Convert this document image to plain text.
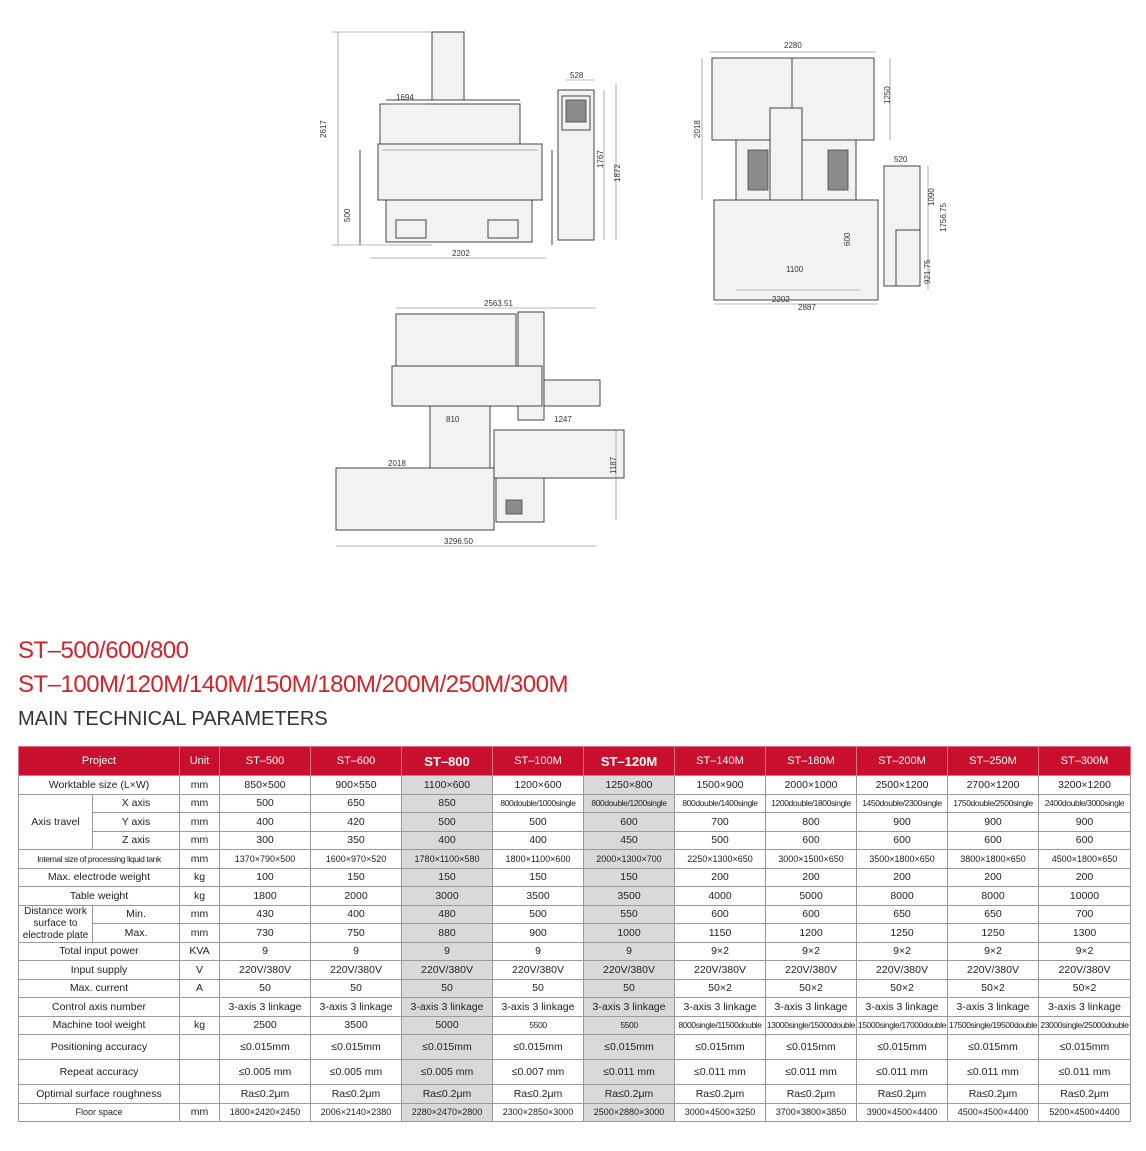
2617
1694
500
2202
528
1767
1872
2280
2018
1250
520
1100
600
2202
2887
1090
1756.75
921.75
2563.51
810	1247
2018	1187
3296.50
ST–500/600/800
ST–100M/120M/140M/150M/180M/200M/250M/300M
MAIN TECHNICAL PARAMETERS
Project		Unit	ST–500	ST–600	ST–800	ST–100M	ST–120M	ST–140M	ST–180M	ST–200M	ST–250M	ST–300M
Worktable size (L×W)		mm	850×500	900×550	1100×600	1200×600	1250×800	1500×900	2000×1000	2500×1200	2700×1200	3200×1200
Axis travel	X axis	mm	500	650	850	800double/1000single	800double/1200single	800double/1400single	1200double/1800single	1450double/2300single	1750double/2500single	2400double/3000single
	Y axis	mm	400	420	500	500	600	700	800	900	900	900
	Z axis	mm	300	350	400	400	450	500	600	600	600	600
Internal size of processing liquid tank		mm	1370×790×500	1600×970×520	1780×1100×580	1800×1100×600	2000×1300×700	2250×1300×650	3000×1500×650	3500×1800×650	3800×1800×650	4500×1800×650
Max. electrode weight		kg	100	150	150	150	150	200	200	200	200	200
Table weight		kg	1800	2000	3000	3500	3500	4000	5000	8000	8000	10000
Distance work surface to electrode plate	Min.	mm	430	400	480	500	550	600	600	650	650	700
	Max.	mm	730	750	880	900	1000	1150	1200	1250	1250	1300
Total input power		KVA	9	9	9	9	9	9×2	9×2	9×2	9×2	9×2
Input supply		V	220V/380V	220V/380V	220V/380V	220V/380V	220V/380V	220V/380V	220V/380V	220V/380V	220V/380V	220V/380V
Max. current		A	50	50	50	50	50	50×2	50×2	50×2	50×2	50×2
Control axis number			3-axis 3 linkage	3-axis 3 linkage	3-axis 3 linkage	3-axis 3 linkage	3-axis 3 linkage	3-axis 3 linkage	3-axis 3 linkage	3-axis 3 linkage	3-axis 3 linkage	3-axis 3 linkage
Machine tool weight		kg	2500	3500	5000	5500	5500	8000single/11500double	13000single/15000double	15000single/17000double	17500single/19500double	23000single/25000double
Positioning accuracy			≤0.015mm	≤0.015mm	≤0.015mm	≤0.015mm	≤0.015mm	≤0.015mm	≤0.015mm	≤0.015mm	≤0.015mm	≤0.015mm
Repeat accuracy			≤0.005 mm	≤0.005 mm	≤0.005 mm	≤0.007 mm	≤0.011 mm	≤0.011 mm	≤0.011 mm	≤0.011 mm	≤0.011 mm	≤0.011 mm
Optimal surface roughness			Ra≤0.2μm	Ra≤0.2μm	Ra≤0.2μm	Ra≤0.2μm	Ra≤0.2μm	Ra≤0.2μm	Ra≤0.2μm	Ra≤0.2μm	Ra≤0.2μm	Ra≤0.2μm
Floor space		mm	1800×2420×2450	2006×2140×2380	2280×2470×2800	2300×2850×3000	2500×2880×3000	3000×4500×3250	3700×3800×3850	3900×4500×4400	4500×4500×4400	5200×4500×4400
